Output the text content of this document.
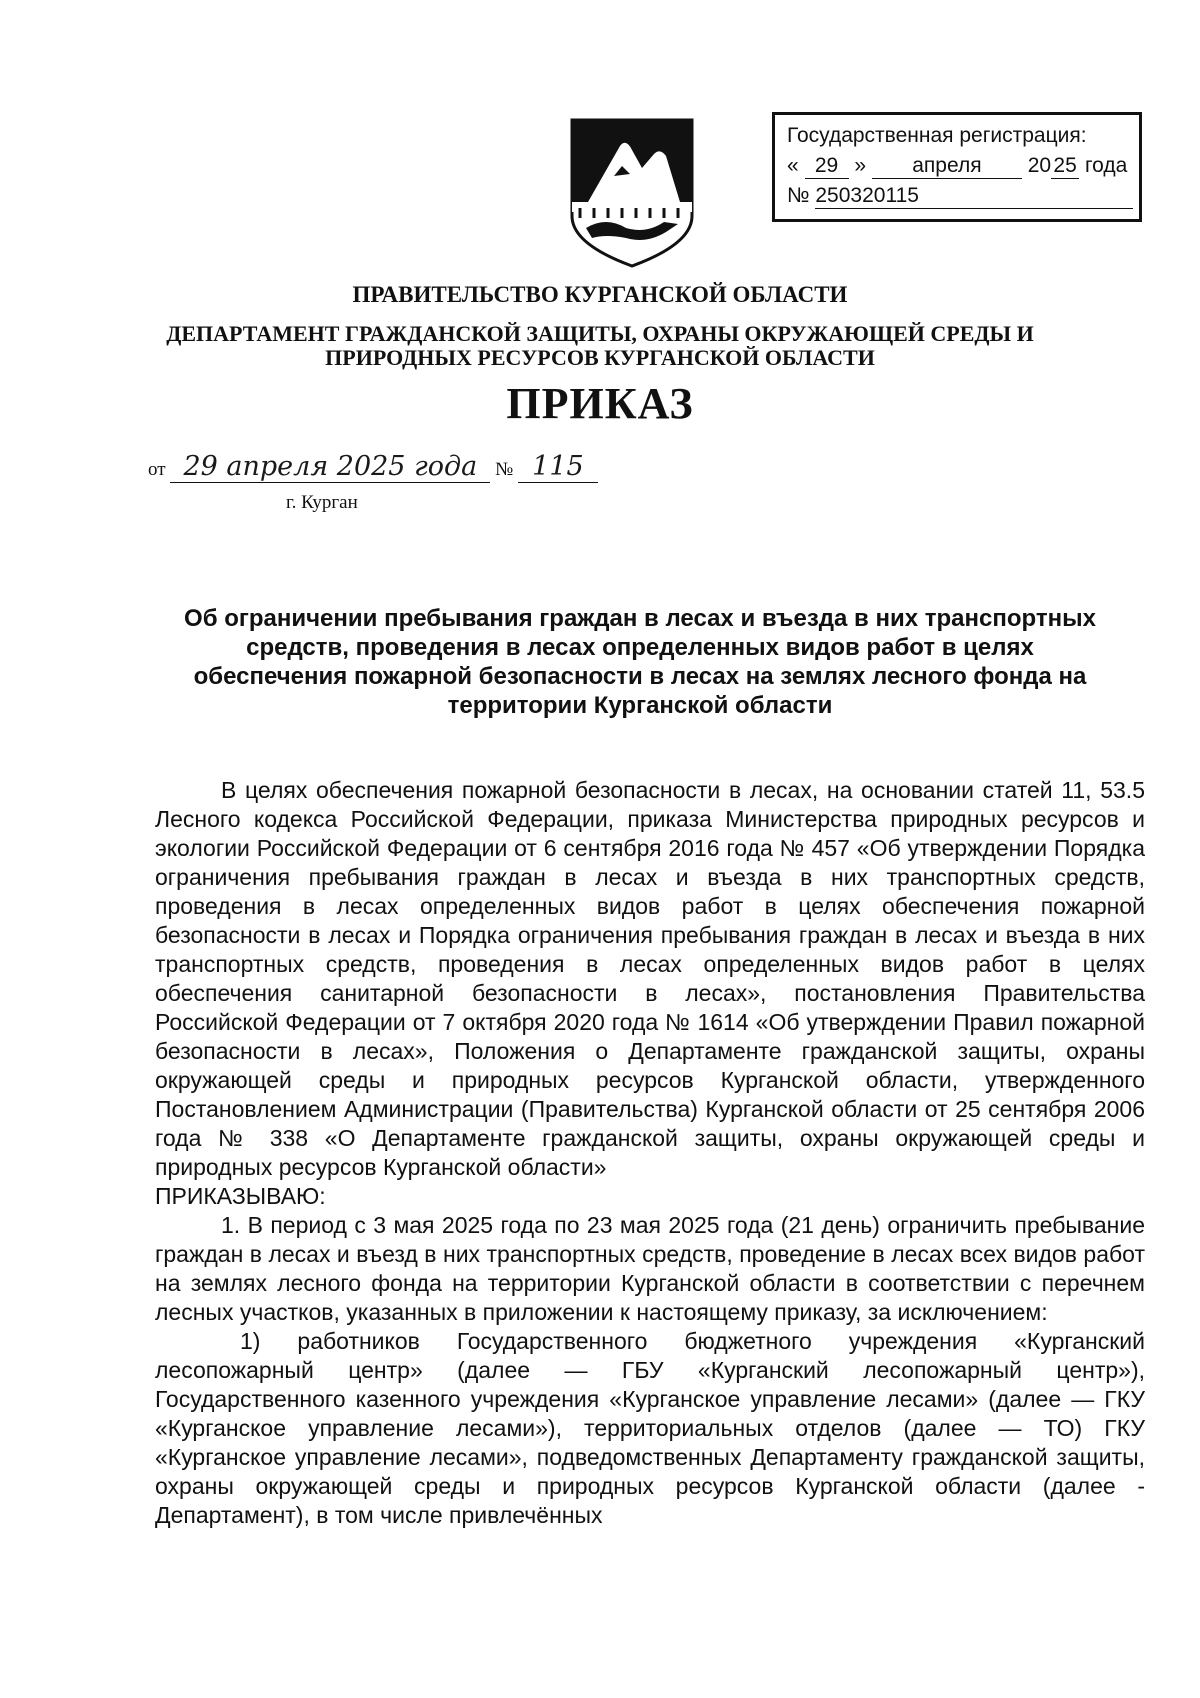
Государственная регистрация:
« 29 » апреля 20 25 года
№ 250320115
ПРАВИТЕЛЬСТВО КУРГАНСКОЙ ОБЛАСТИ
ДЕПАРТАМЕНТ ГРАЖДАНСКОЙ ЗАЩИТЫ, ОХРАНЫ ОКРУЖАЮЩЕЙ СРЕДЫ И
ПРИРОДНЫХ РЕСУРСОВ КУРГАНСКОЙ ОБЛАСТИ
ПРИКАЗ
от 29 апреля 2025 года № 115
г. Курган
Об ограничении пребывания граждан в лесах и въезда в них транспортных
средств, проведения в лесах определенных видов работ в целях
обеспечения пожарной безопасности в лесах на землях лесного фонда на
территории Курганской области

В целях обеспечения пожарной безопасности в лесах, на основании статей 11, 53.5 Лесного кодекса Российской Федерации, приказа Министерства природных ресурсов и экологии Российской Федерации от 6 сентября 2016 года № 457 «Об утверждении Порядка ограничения пребывания граждан в лесах и въезда в них транспортных средств, проведения в лесах определенных видов работ в целях обеспечения пожарной безопасности в лесах и Порядка ограничения пребывания граждан в лесах и въезда в них транспортных средств, проведения в лесах определенных видов работ в целях обеспечения санитарной безопасности в лесах», постановления Правительства Российской Федерации от 7 октября 2020 года № 1614 «Об утверждении Правил пожарной безопасности в лесах», Положения о Департаменте гражданской защиты, охраны окружающей среды и природных ресурсов Курганской области, утвержденного Постановлением Администрации (Правительства) Курганской области от 25 сентября 2006 года № 338 «О Департаменте гражданской защиты, охраны окружающей среды и природных ресурсов Курганской области»

ПРИКАЗЫВАЮ:

1. В период с 3 мая 2025 года по 23 мая 2025 года (21 день) ограничить пребывание граждан в лесах и въезд в них транспортных средств, проведение в лесах всех видов работ на землях лесного фонда на территории Курганской области в соответствии с перечнем лесных участков, указанных в приложении к настоящему приказу, за исключением:

1) работников Государственного бюджетного учреждения «Курганский лесопожарный центр» (далее — ГБУ «Курганский лесопожарный центр»), Государственного казенного учреждения «Курганское управление лесами» (далее — ГКУ «Курганское управление лесами»), территориальных отделов (далее — ТО) ГКУ «Курганское управление лесами», подведомственных Департаменту гражданской защиты, охраны окружающей среды и природных ресурсов Курганской области (далее - Департамент), в том числе привлечённых
